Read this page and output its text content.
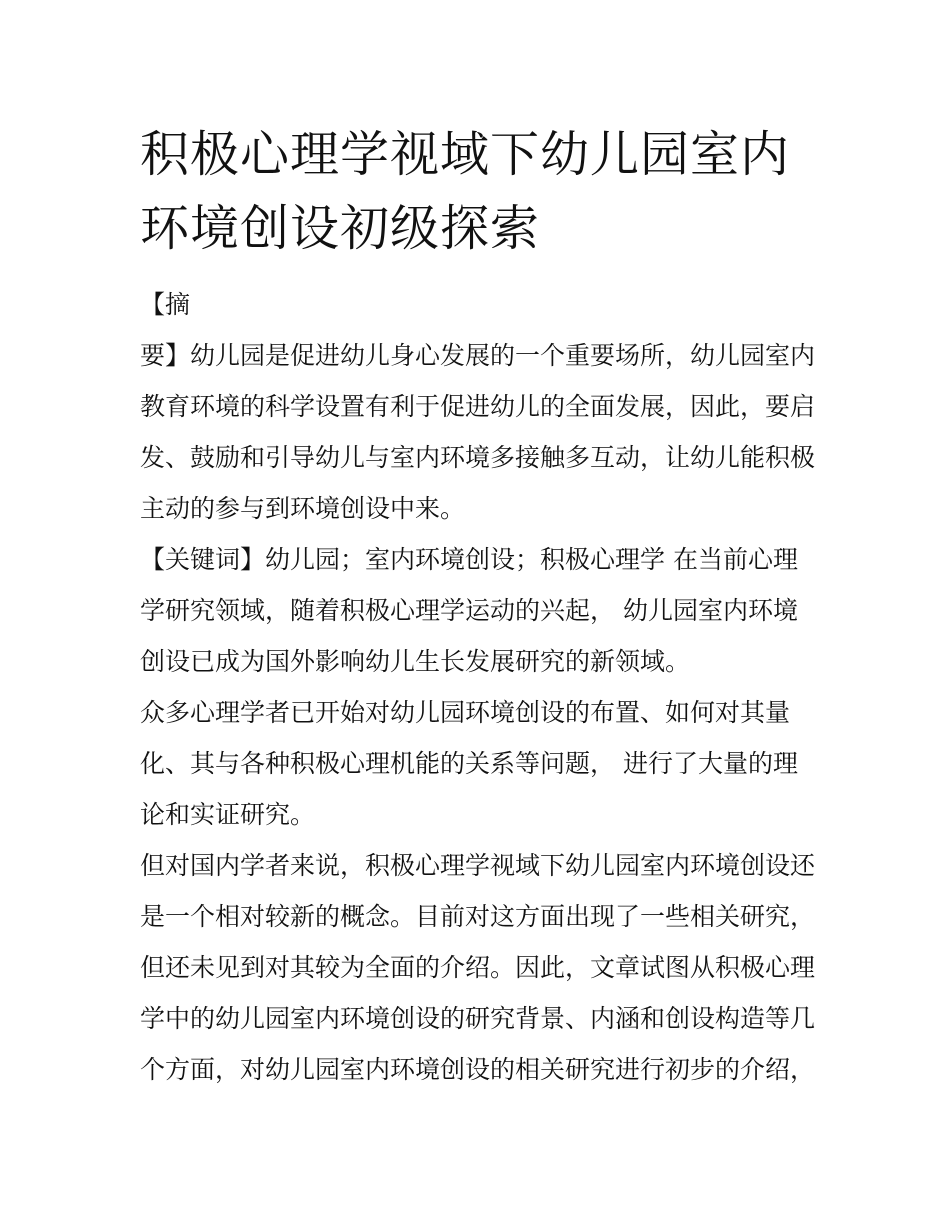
积极心理学视域下幼儿园室内
环境创设初级探索
【摘
要】幼儿园是促进幼儿身心发展的一个重要场所，幼儿园室内
教育环境的科学设置有利于促进幼儿的全面发展，因此，要启
发、鼓励和引导幼儿与室内环境多接触多互动，让幼儿能积极
主动的参与到环境创设中来。
【关键词】幼儿园；室内环境创设；积极心理学 在当前心理
学研究领域，随着积极心理学运动的兴起， 幼儿园室内环境
创设已成为国外影响幼儿生长发展研究的新领域。
众多心理学者已开始对幼儿园环境创设的布置、如何对其量
化、其与各种积极心理机能的关系等问题， 进行了大量的理
论和实证研究。
但对国内学者来说，积极心理学视域下幼儿园室内环境创设还
是一个相对较新的概念。目前对这方面出现了一些相关研究，
但还未见到对其较为全面的介绍。因此，文章试图从积极心理
学中的幼儿园室内环境创设的研究背景、内涵和创设构造等几
个方面，对幼儿园室内环境创设的相关研究进行初步的介绍，
